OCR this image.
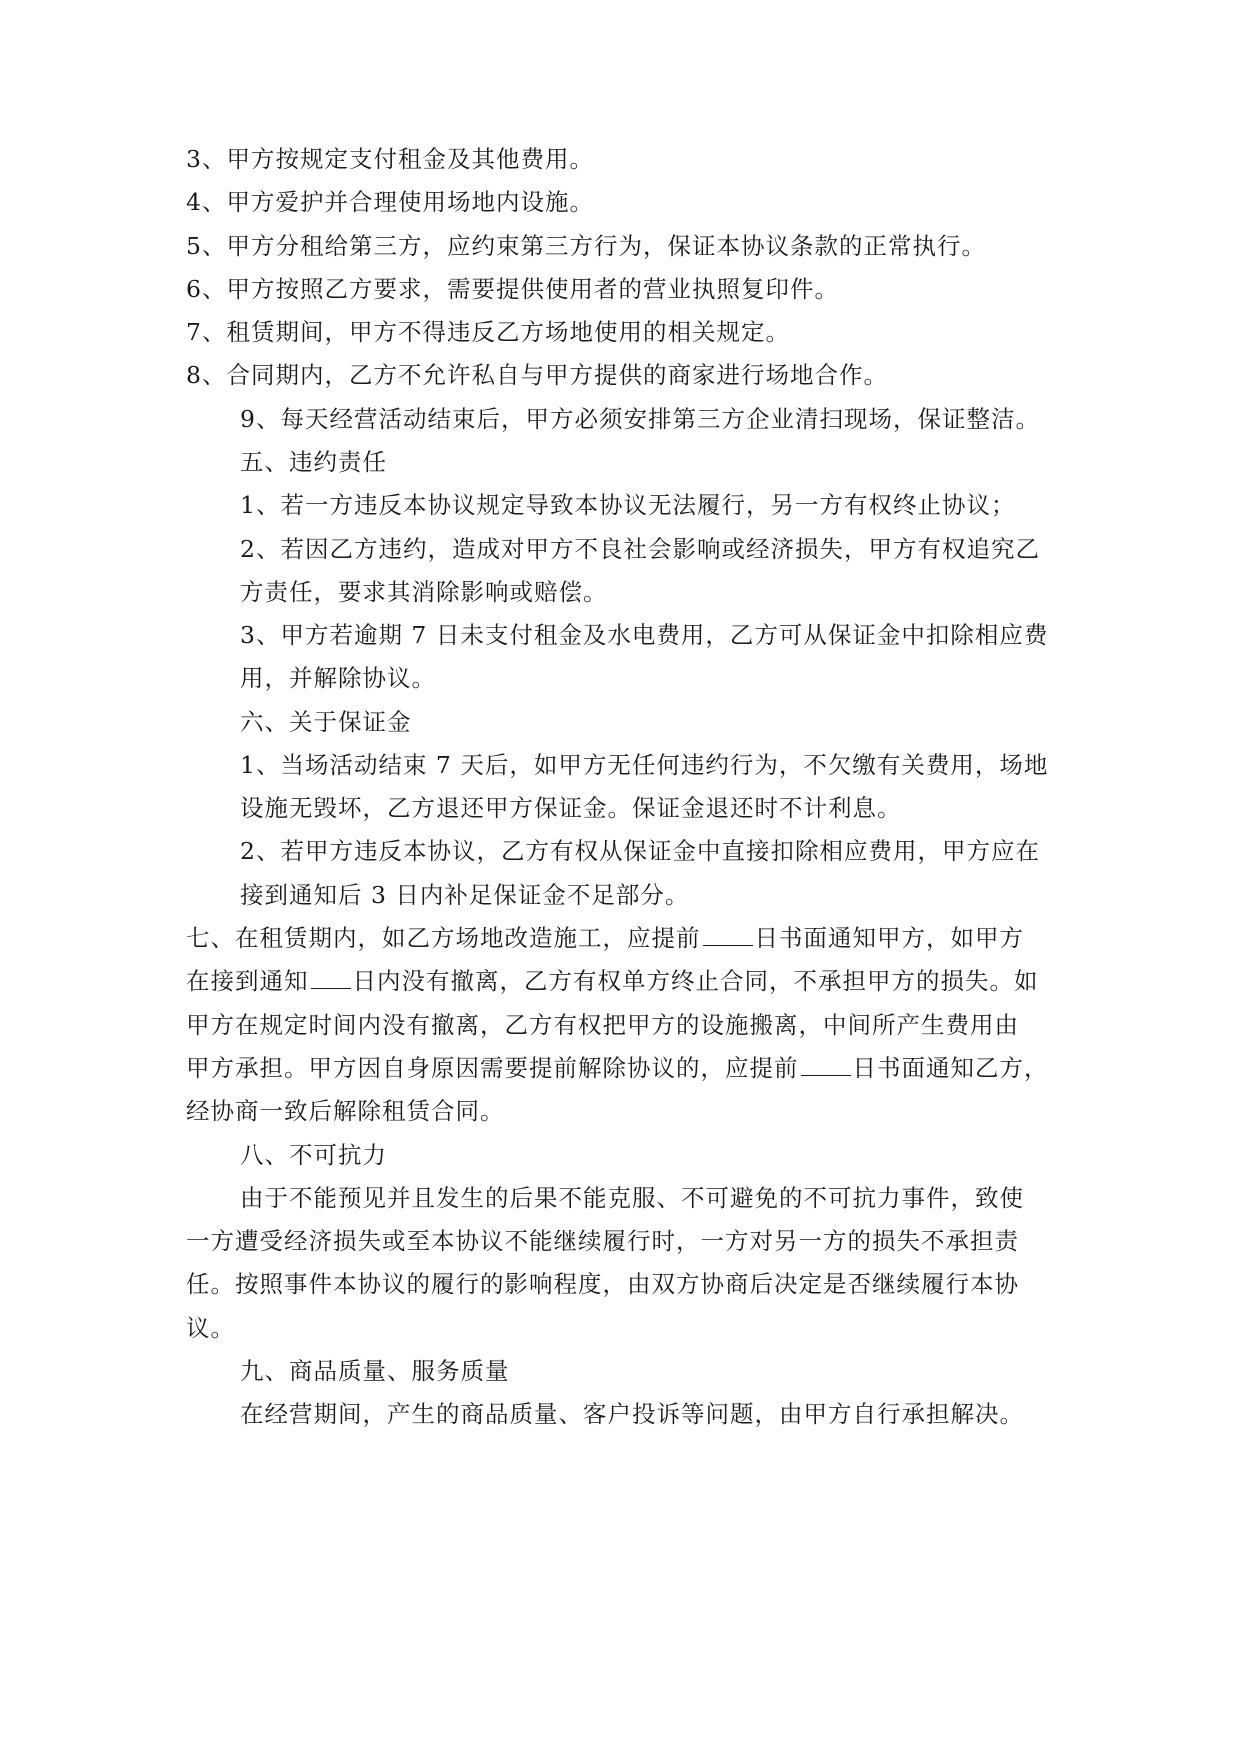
3、甲方按规定支付租金及其他费用。
4、甲方爱护并合理使用场地内设施。
5、甲方分租给第三方，应约束第三方行为，保证本协议条款的正常执行。
6、甲方按照乙方要求，需要提供使用者的营业执照复印件。
7、租赁期间，甲方不得违反乙方场地使用的相关规定。
8、合同期内，乙方不允许私自与甲方提供的商家进行场地合作。
9、每天经营活动结束后，甲方必须安排第三方企业清扫现场，保证整洁。
五、违约责任
1、若一方违反本协议规定导致本协议无法履行，另一方有权终止协议；
2、若因乙方违约，造成对甲方不良社会影响或经济损失，甲方有权追究乙
方责任，要求其消除影响或赔偿。
3、甲方若逾期 7 日未支付租金及水电费用，乙方可从保证金中扣除相应费
用，并解除协议。
六、关于保证金
1、当场活动结束 7 天后，如甲方无任何违约行为，不欠缴有关费用，场地
设施无毁坏，乙方退还甲方保证金。保证金退还时不计利息。
2、若甲方违反本协议，乙方有权从保证金中直接扣除相应费用，甲方应在
接到通知后 3 日内补足保证金不足部分。
七、在租赁期内，如乙方场地改造施工，应提前 日书面通知甲方，如甲方
在接到通知 日内没有撤离，乙方有权单方终止合同，不承担甲方的损失。如
甲方在规定时间内没有撤离，乙方有权把甲方的设施搬离，中间所产生费用由
甲方承担。甲方因自身原因需要提前解除协议的，应提前 日书面通知乙方，
经协商一致后解除租赁合同。
八、不可抗力
由于不能预见并且发生的后果不能克服、不可避免的不可抗力事件，致使
一方遭受经济损失或至本协议不能继续履行时，一方对另一方的损失不承担责
任。按照事件本协议的履行的影响程度，由双方协商后决定是否继续履行本协
议。
九、商品质量、服务质量
在经营期间，产生的商品质量、客户投诉等问题，由甲方自行承担解决。
